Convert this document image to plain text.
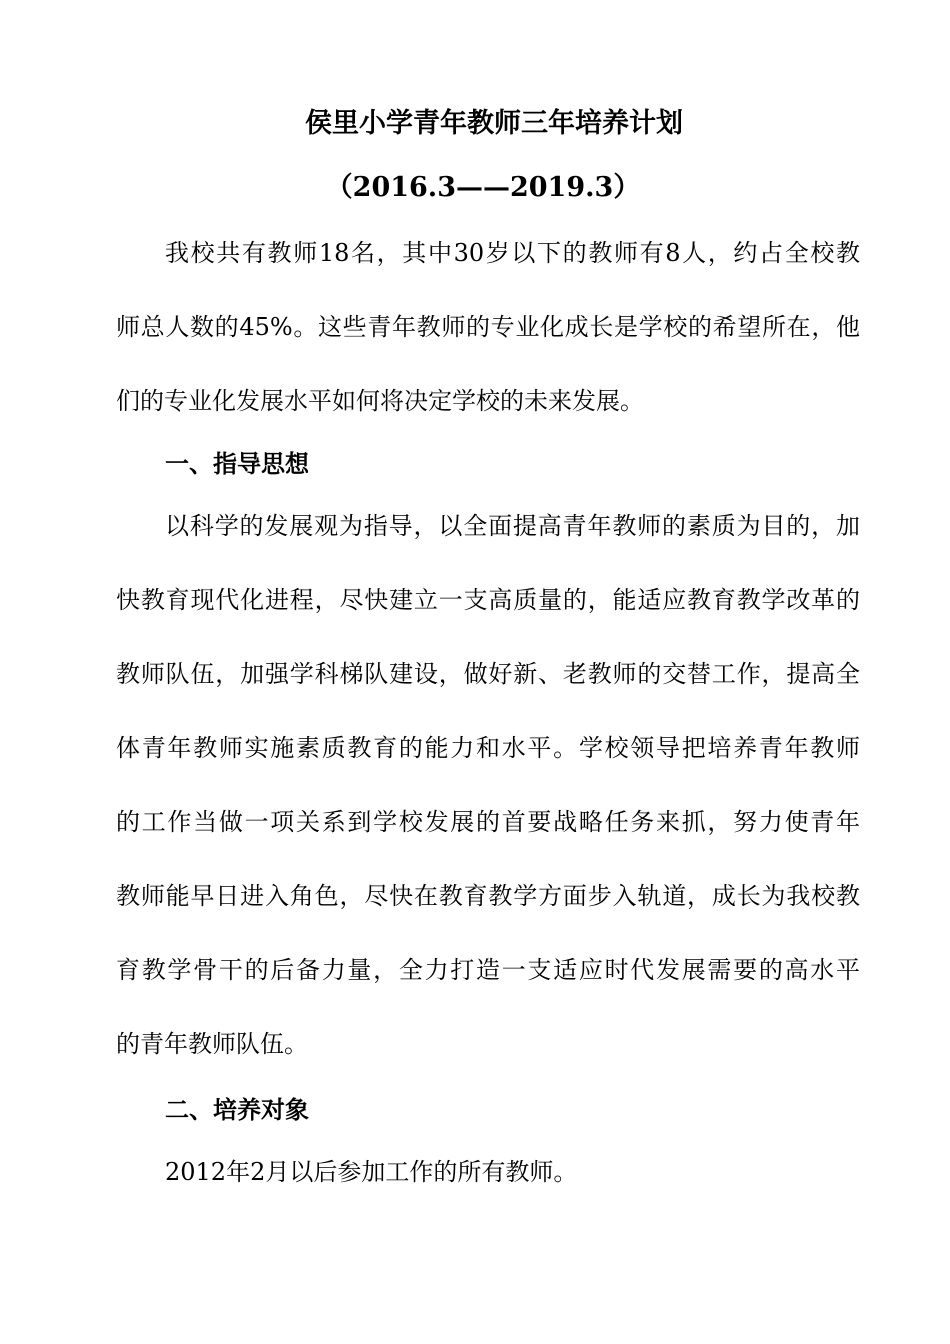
侯里小学青年教师三年培养计划
（2016.3——2019.3）
我校共有教师18名，其中30岁以下的教师有8人，约占全校教
师总人数的45%。这些青年教师的专业化成长是学校的希望所在，他
们的专业化发展水平如何将决定学校的未来发展。
一、指导思想
以科学的发展观为指导，以全面提高青年教师的素质为目的，加
快教育现代化进程，尽快建立一支高质量的，能适应教育教学改革的
教师队伍，加强学科梯队建设，做好新、老教师的交替工作，提高全
体青年教师实施素质教育的能力和水平。学校领导把培养青年教师
的工作当做一项关系到学校发展的首要战略任务来抓，努力使青年
教师能早日进入角色，尽快在教育教学方面步入轨道，成长为我校教
育教学骨干的后备力量，全力打造一支适应时代发展需要的高水平
的青年教师队伍。
二、培养对象
2012年2月以后参加工作的所有教师。
